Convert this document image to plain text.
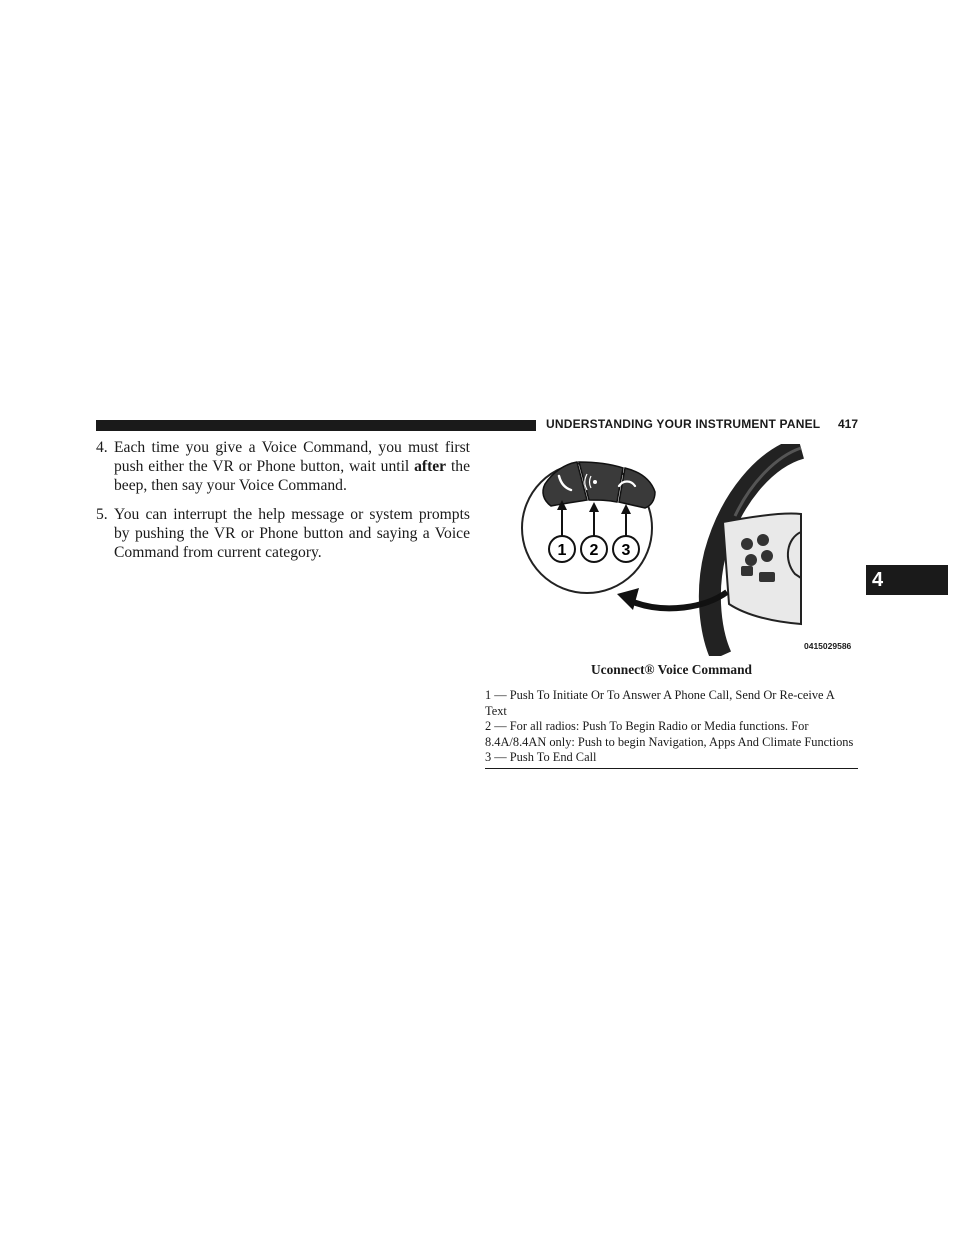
UNDERSTANDING YOUR INSTRUMENT PANEL 417
4
4. Each time you give a Voice Command, you must first push either the VR or Phone button, wait until after the beep, then say your Voice Command.
5. You can interrupt the help message or system prompts by pushing the VR or Phone button and saying a Voice Command from current category.	1 2 3
0415029586
Uconnect® Voice Command

1 — Push To Initiate Or To Answer A Phone Call, Send Or Re-ceive A Text

2 — For all radios: Push To Begin Radio or Media functions. For 8.4A/8.4AN only: Push to begin Navigation, Apps And Climate Functions

3 — Push To End Call
